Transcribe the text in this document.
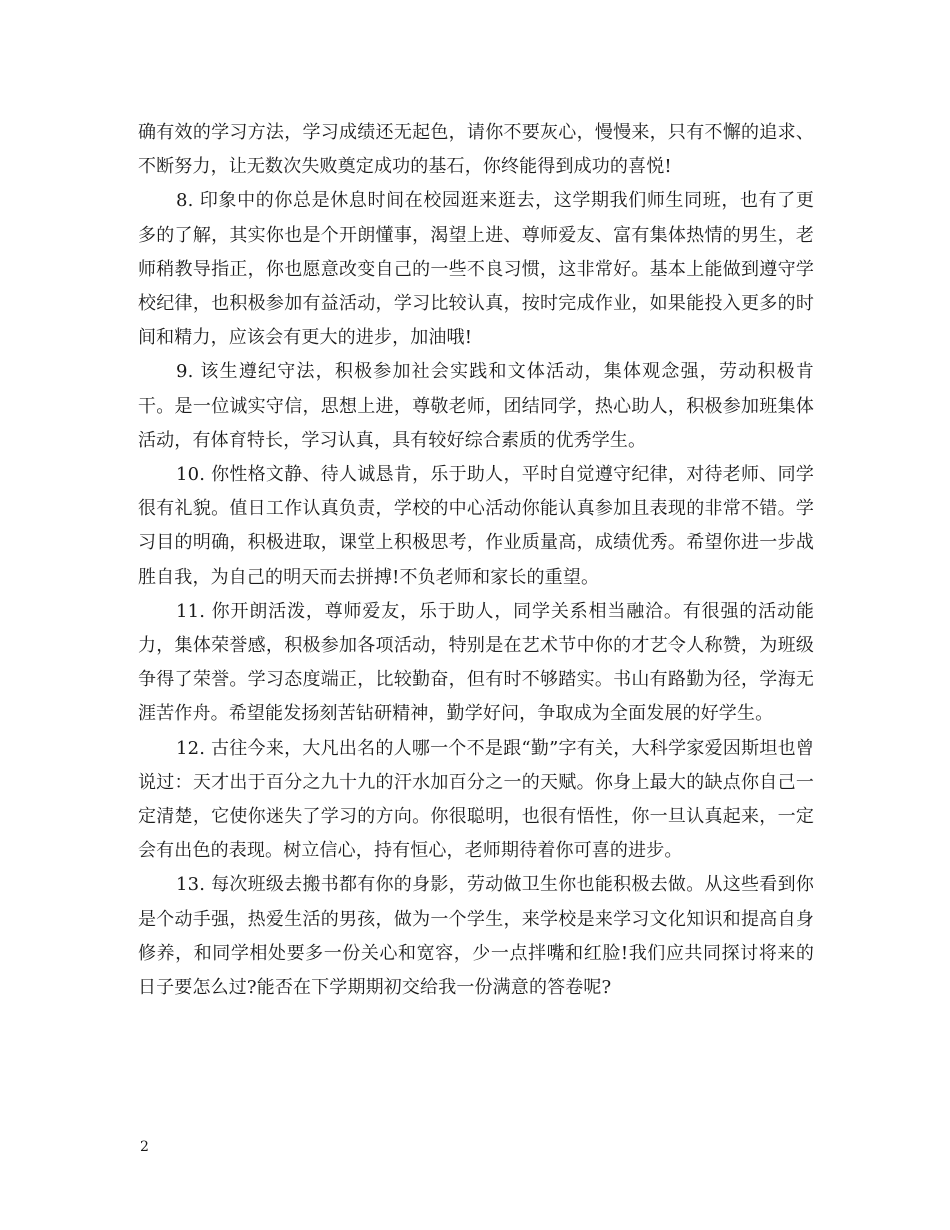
确有效的学习方法，学习成绩还无起色，请你不要灰心，慢慢来，只有不懈的追求、不断努力，让无数次失败奠定成功的基石，你终能得到成功的喜悦!

8. 印象中的你总是休息时间在校园逛来逛去，这学期我们师生同班，也有了更多的了解，其实你也是个开朗懂事，渴望上进、尊师爱友、富有集体热情的男生，老师稍教导指正，你也愿意改变自己的一些不良习惯，这非常好。基本上能做到遵守学校纪律，也积极参加有益活动，学习比较认真，按时完成作业，如果能投入更多的时间和精力，应该会有更大的进步，加油哦!

9. 该生遵纪守法，积极参加社会实践和文体活动，集体观念强，劳动积极肯干。是一位诚实守信，思想上进，尊敬老师，团结同学，热心助人，积极参加班集体活动，有体育特长，学习认真，具有较好综合素质的优秀学生。

10. 你性格文静、待人诚恳肯，乐于助人，平时自觉遵守纪律，对待老师、同学很有礼貌。值日工作认真负责，学校的中心活动你能认真参加且表现的非常不错。学习目的明确，积极进取，课堂上积极思考，作业质量高，成绩优秀。希望你进一步战胜自我，为自己的明天而去拼搏!不负老师和家长的重望。

11. 你开朗活泼，尊师爱友，乐于助人，同学关系相当融洽。有很强的活动能力，集体荣誉感，积极参加各项活动，特别是在艺术节中你的才艺令人称赞，为班级争得了荣誉。学习态度端正，比较勤奋，但有时不够踏实。书山有路勤为径，学海无涯苦作舟。希望能发扬刻苦钻研精神，勤学好问，争取成为全面发展的好学生。

12. 古往今来，大凡出名的人哪一个不是跟“勤”字有关，大科学家爱因斯坦也曾说过：天才出于百分之九十九的汗水加百分之一的天赋。你身上最大的缺点你自己一定清楚，它使你迷失了学习的方向。你很聪明，也很有悟性，你一旦认真起来，一定会有出色的表现。树立信心，持有恒心，老师期待着你可喜的进步。

13. 每次班级去搬书都有你的身影，劳动做卫生你也能积极去做。从这些看到你是个动手强，热爱生活的男孩，做为一个学生，来学校是来学习文化知识和提高自身修养，和同学相处要多一份关心和宽容，少一点拌嘴和红脸!我们应共同探讨将来的日子要怎么过?能否在下学期期初交给我一份满意的答卷呢?

2
